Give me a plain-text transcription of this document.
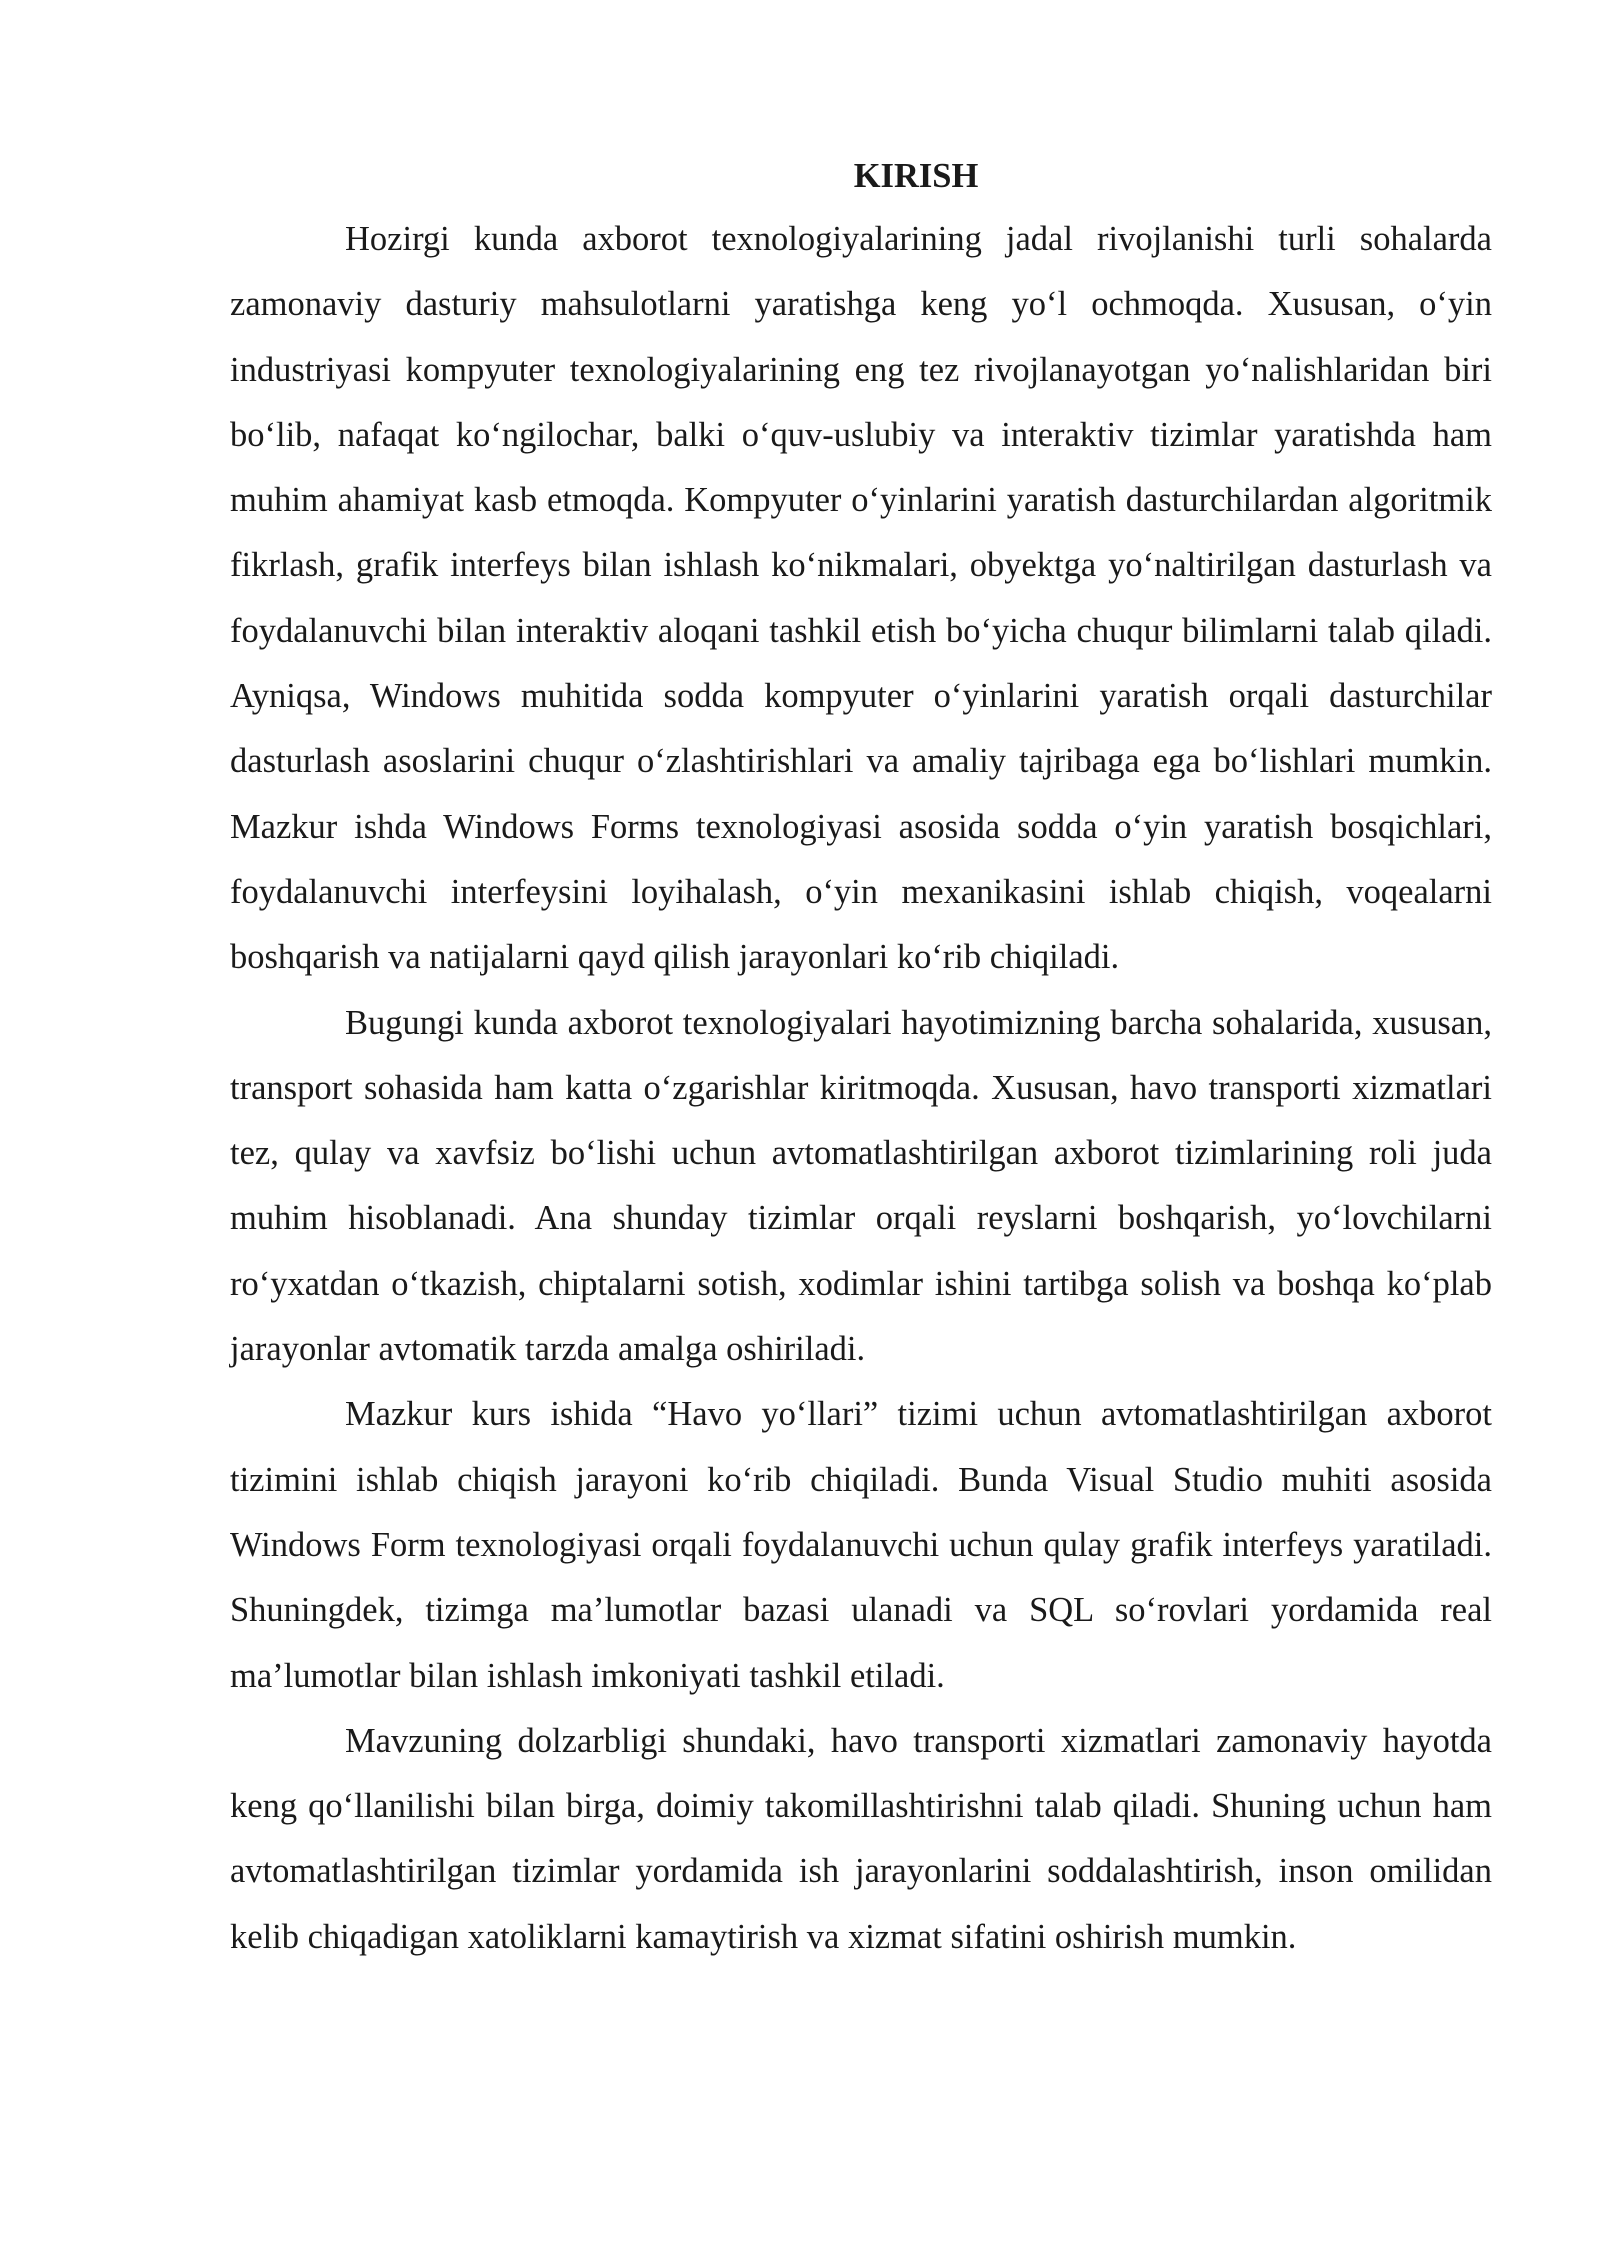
KIRISH

Hozirgi kunda axborot texnologiyalarining jadal rivojlanishi turli sohalarda zamonaviy dasturiy mahsulotlarni yaratishga keng yo‘l ochmoqda. Xususan, o‘yin industriyasi kompyuter texnologiyalarining eng tez rivojlanayotgan yo‘nalishlaridan biri bo‘lib, nafaqat ko‘ngilochar, balki o‘quv-uslubiy va interaktiv tizimlar yaratishda ham muhim ahamiyat kasb etmoqda. Kompyuter o‘yinlarini yaratish dasturchilardan algoritmik fikrlash, grafik interfeys bilan ishlash ko‘nikmalari, obyektga yo‘naltirilgan dasturlash va foydalanuvchi bilan interaktiv aloqani tashkil etish bo‘yicha chuqur bilimlarni talab qiladi. Ayniqsa, Windows muhitida sodda kompyuter o‘yinlarini yaratish orqali dasturchilar dasturlash asoslarini chuqur o‘zlashtirishlari va amaliy tajribaga ega bo‘lishlari mumkin. Mazkur ishda Windows Forms texnologiyasi asosida sodda o‘yin yaratish bosqichlari, foydalanuvchi interfeysini loyihalash, o‘yin mexanikasini ishlab chiqish, voqealarni boshqarish va natijalarni qayd qilish jarayonlari ko‘rib chiqiladi.

Bugungi kunda axborot texnologiyalari hayotimizning barcha sohalarida, xususan, transport sohasida ham katta o‘zgarishlar kiritmoqda. Xususan, havo transporti xizmatlari tez, qulay va xavfsiz bo‘lishi uchun avtomatlashtirilgan axborot tizimlarining roli juda muhim hisoblanadi. Ana shunday tizimlar orqali reyslarni boshqarish, yo‘lovchilarni ro‘yxatdan o‘tkazish, chiptalarni sotish, xodimlar ishini tartibga solish va boshqa ko‘plab jarayonlar avtomatik tarzda amalga oshiriladi.

Mazkur kurs ishida “Havo yo‘llari” tizimi uchun avtomatlashtirilgan axborot tizimini ishlab chiqish jarayoni ko‘rib chiqiladi. Bunda Visual Studio muhiti asosida Windows Form texnologiyasi orqali foydalanuvchi uchun qulay grafik interfeys yaratiladi. Shuningdek, tizimga ma’lumotlar bazasi ulanadi va SQL so‘rovlari yordamida real ma’lumotlar bilan ishlash imkoniyati tashkil etiladi.

Mavzuning dolzarbligi shundaki, havo transporti xizmatlari zamonaviy hayotda keng qo‘llanilishi bilan birga, doimiy takomillashtirishni talab qiladi. Shuning uchun ham avtomatlashtirilgan tizimlar yordamida ish jarayonlarini soddalashtirish, inson omilidan kelib chiqadigan xatoliklarni kamaytirish va xizmat sifatini oshirish mumkin.
